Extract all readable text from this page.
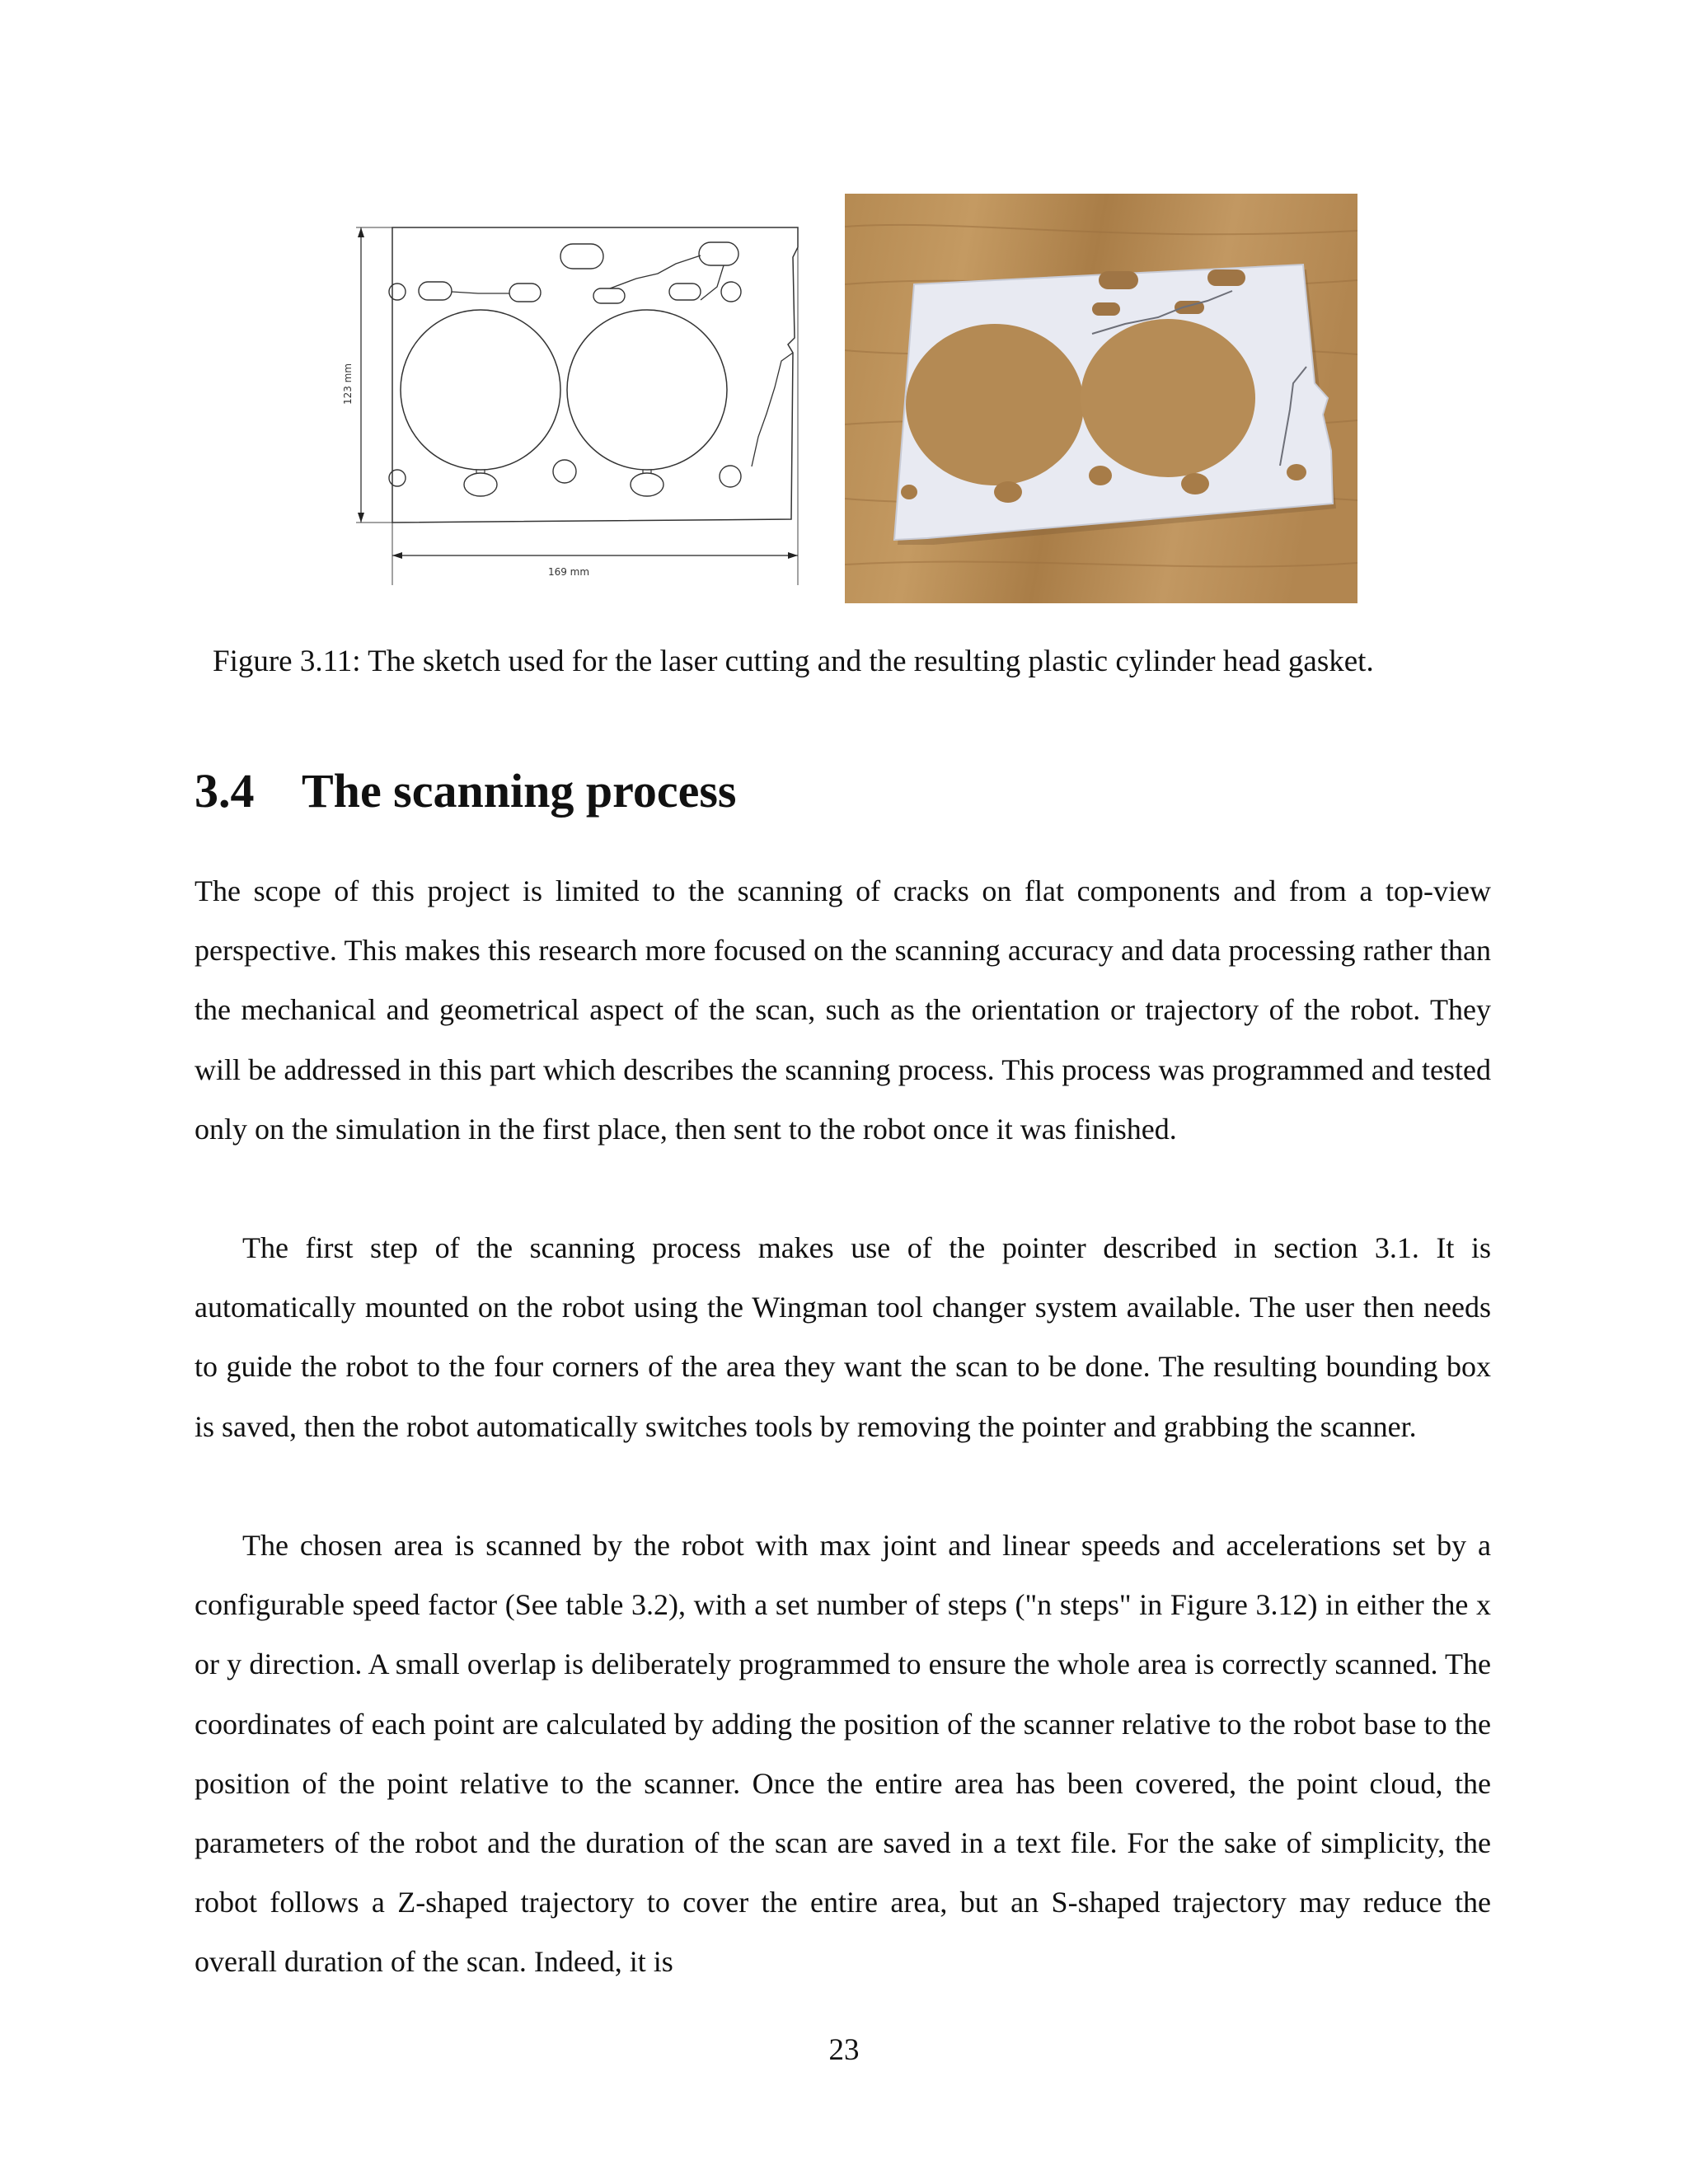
123 mm
169 mm
Figure 3.11: The sketch used for the laser cutting and the resulting plastic cylinder head gasket.
3.4 The scanning process

The scope of this project is limited to the scanning of cracks on flat components and from a top-view perspective. This makes this research more focused on the scanning accuracy and data processing rather than the mechanical and geometrical aspect of the scan, such as the orientation or trajectory of the robot. They will be addressed in this part which describes the scanning process. This process was programmed and tested only on the simulation in the first place, then sent to the robot once it was finished.

The first step of the scanning process makes use of the pointer described in section 3.1. It is automatically mounted on the robot using the Wingman tool changer system available. The user then needs to guide the robot to the four corners of the area they want the scan to be done. The resulting bounding box is saved, then the robot automatically switches tools by removing the pointer and grabbing the scanner.

The chosen area is scanned by the robot with max joint and linear speeds and accelerations set by a configurable speed factor (See table 3.2), with a set number of steps ("n steps" in Figure 3.12) in either the x or y direction. A small overlap is deliberately programmed to ensure the whole area is correctly scanned. The coordinates of each point are calculated by adding the position of the scanner relative to the robot base to the position of the point relative to the scanner. Once the entire area has been covered, the point cloud, the parameters of the robot and the duration of the scan are saved in a text file. For the sake of simplicity, the robot follows a Z-shaped trajectory to cover the entire area, but an S-shaped trajectory may reduce the overall duration of the scan. Indeed, it is

23
